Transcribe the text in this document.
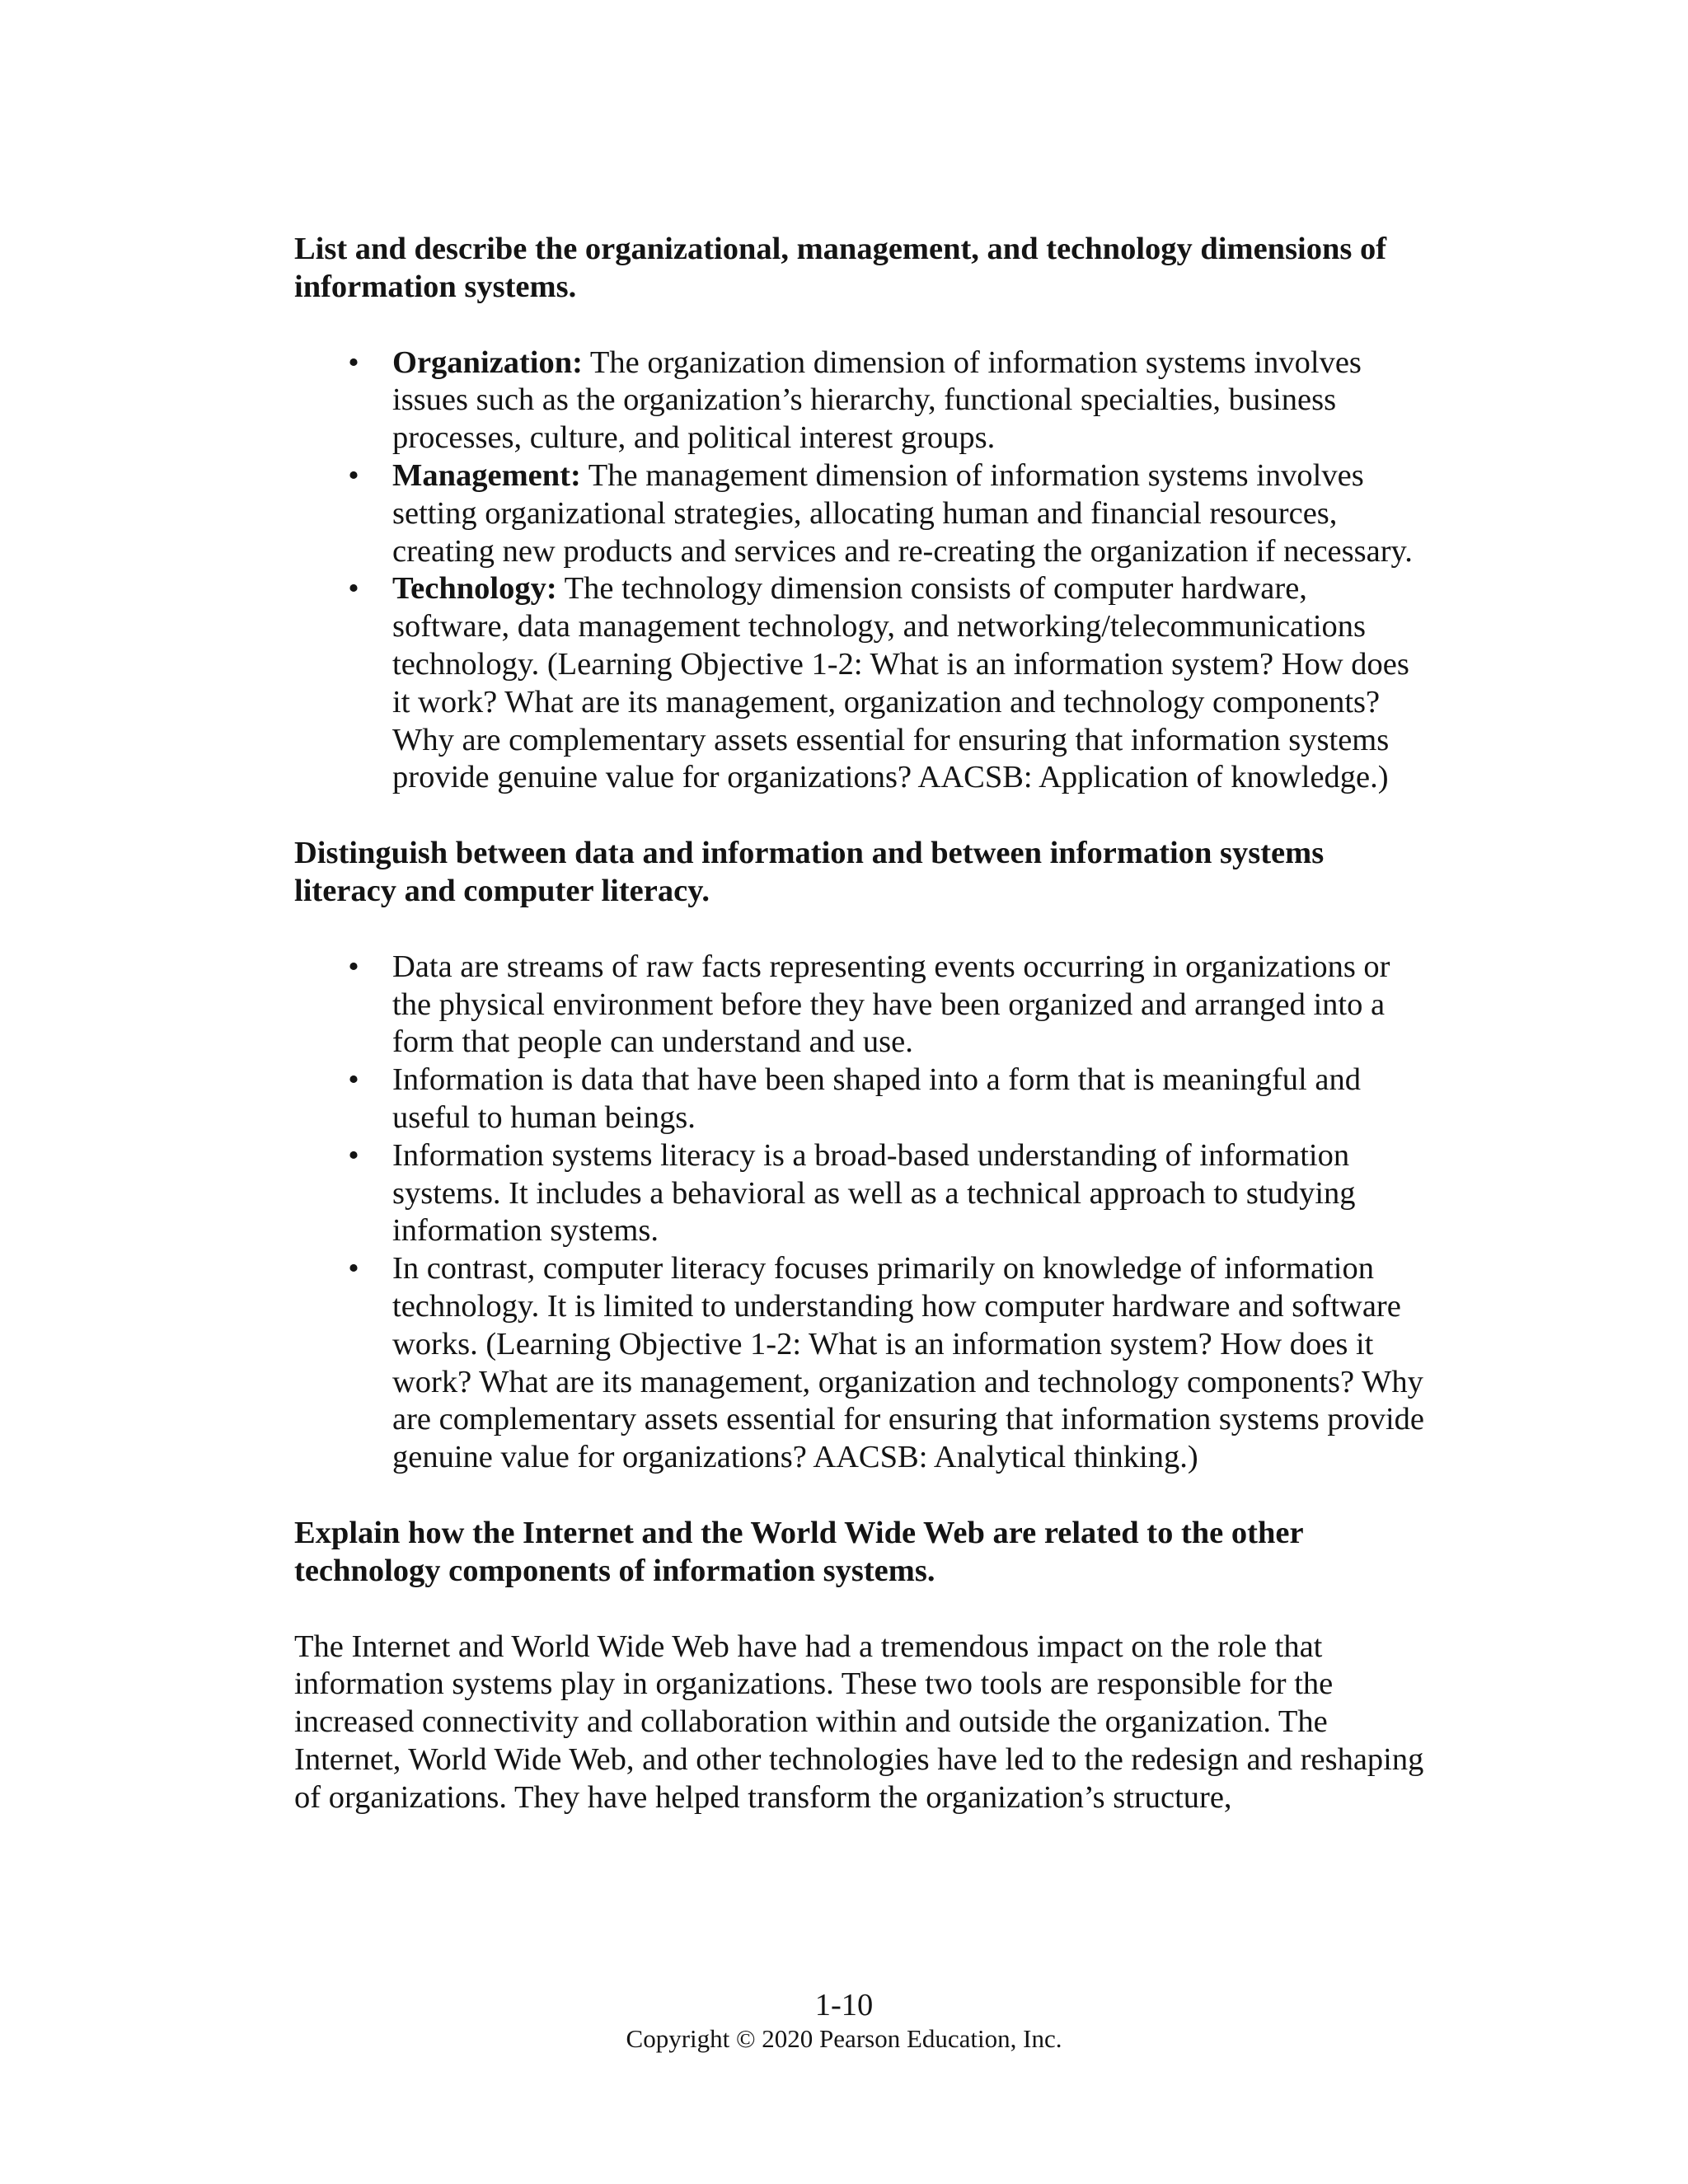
List and describe the organizational, management, and technology dimensions of information systems.

• Organization: The organization dimension of information systems involves issues such as the organization’s hierarchy, functional specialties, business processes, culture, and political interest groups.
• Management: The management dimension of information systems involves setting organizational strategies, allocating human and financial resources, creating new products and services and re-creating the organization if necessary.
• Technology: The technology dimension consists of computer hardware, software, data management technology, and networking/telecommunications technology. (Learning Objective 1-2: What is an information system? How does it work? What are its management, organization and technology components? Why are complementary assets essential for ensuring that information systems provide genuine value for organizations? AACSB: Application of knowledge.)

Distinguish between data and information and between information systems literacy and computer literacy.

• Data are streams of raw facts representing events occurring in organizations or the physical environment before they have been organized and arranged into a form that people can understand and use.
• Information is data that have been shaped into a form that is meaningful and useful to human beings.
• Information systems literacy is a broad-based understanding of information systems. It includes a behavioral as well as a technical approach to studying information systems.
• In contrast, computer literacy focuses primarily on knowledge of information technology. It is limited to understanding how computer hardware and software works. (Learning Objective 1-2: What is an information system? How does it work? What are its management, organization and technology components? Why are complementary assets essential for ensuring that information systems provide genuine value for organizations? AACSB: Analytical thinking.)

Explain how the Internet and the World Wide Web are related to the other technology components of information systems.

The Internet and World Wide Web have had a tremendous impact on the role that information systems play in organizations. These two tools are responsible for the increased connectivity and collaboration within and outside the organization. The Internet, World Wide Web, and other technologies have led to the redesign and reshaping of organizations. They have helped transform the organization’s structure,

1-10
Copyright © 2020 Pearson Education, Inc.
